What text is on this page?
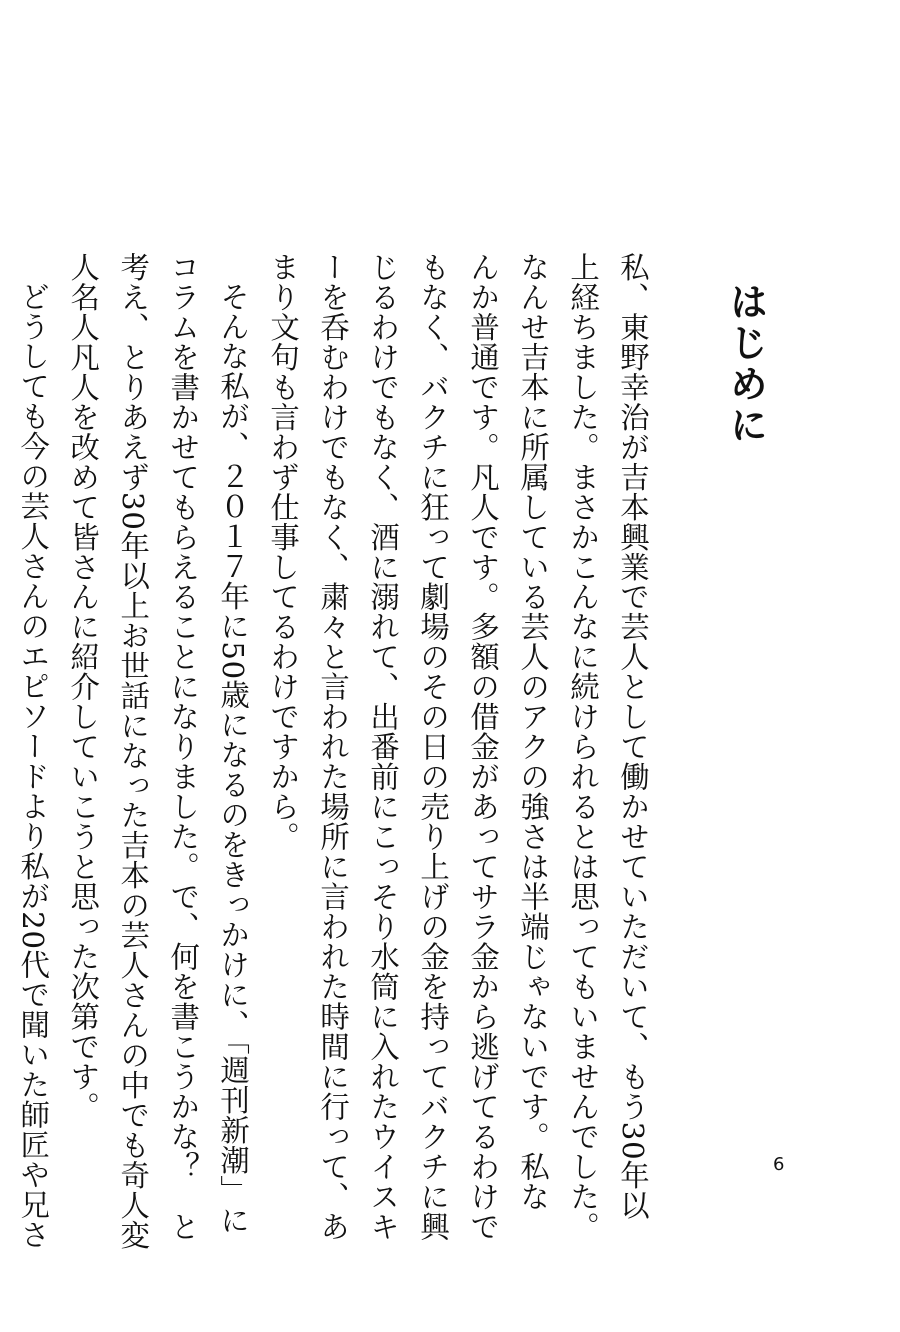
はじめに

私、東野幸治が吉本興業で芸人として働かせていただいて、もう30年以

上経ちました。まさかこんなに続けられるとは思ってもいませんでした。

なんせ吉本に所属している芸人のアクの強さは半端じゃないです。私な

んか普通です。凡人です。多額の借金があってサラ金から逃げてるわけで

もなく、バクチに狂って劇場のその日の売り上げの金を持ってバクチに興

じるわけでもなく、酒に溺れて、出番前にこっそり水筒に入れたウイスキ

ーを呑むわけでもなく、粛々と言われた場所に言われた時間に行って、あ

まり文句も言わず仕事してるわけですから。

そんな私が、２０１７年に50歳になるのをきっかけに、「週刊新潮」に

コラムを書かせてもらえることになりました。で、何を書こうかな？　と

考え、とりあえず30年以上お世話になった吉本の芸人さんの中でも奇人変

人名人凡人を改めて皆さんに紹介していこうと思った次第です。

どうしても今の芸人さんのエピソードより私が20代で聞いた師匠や兄さ	6
